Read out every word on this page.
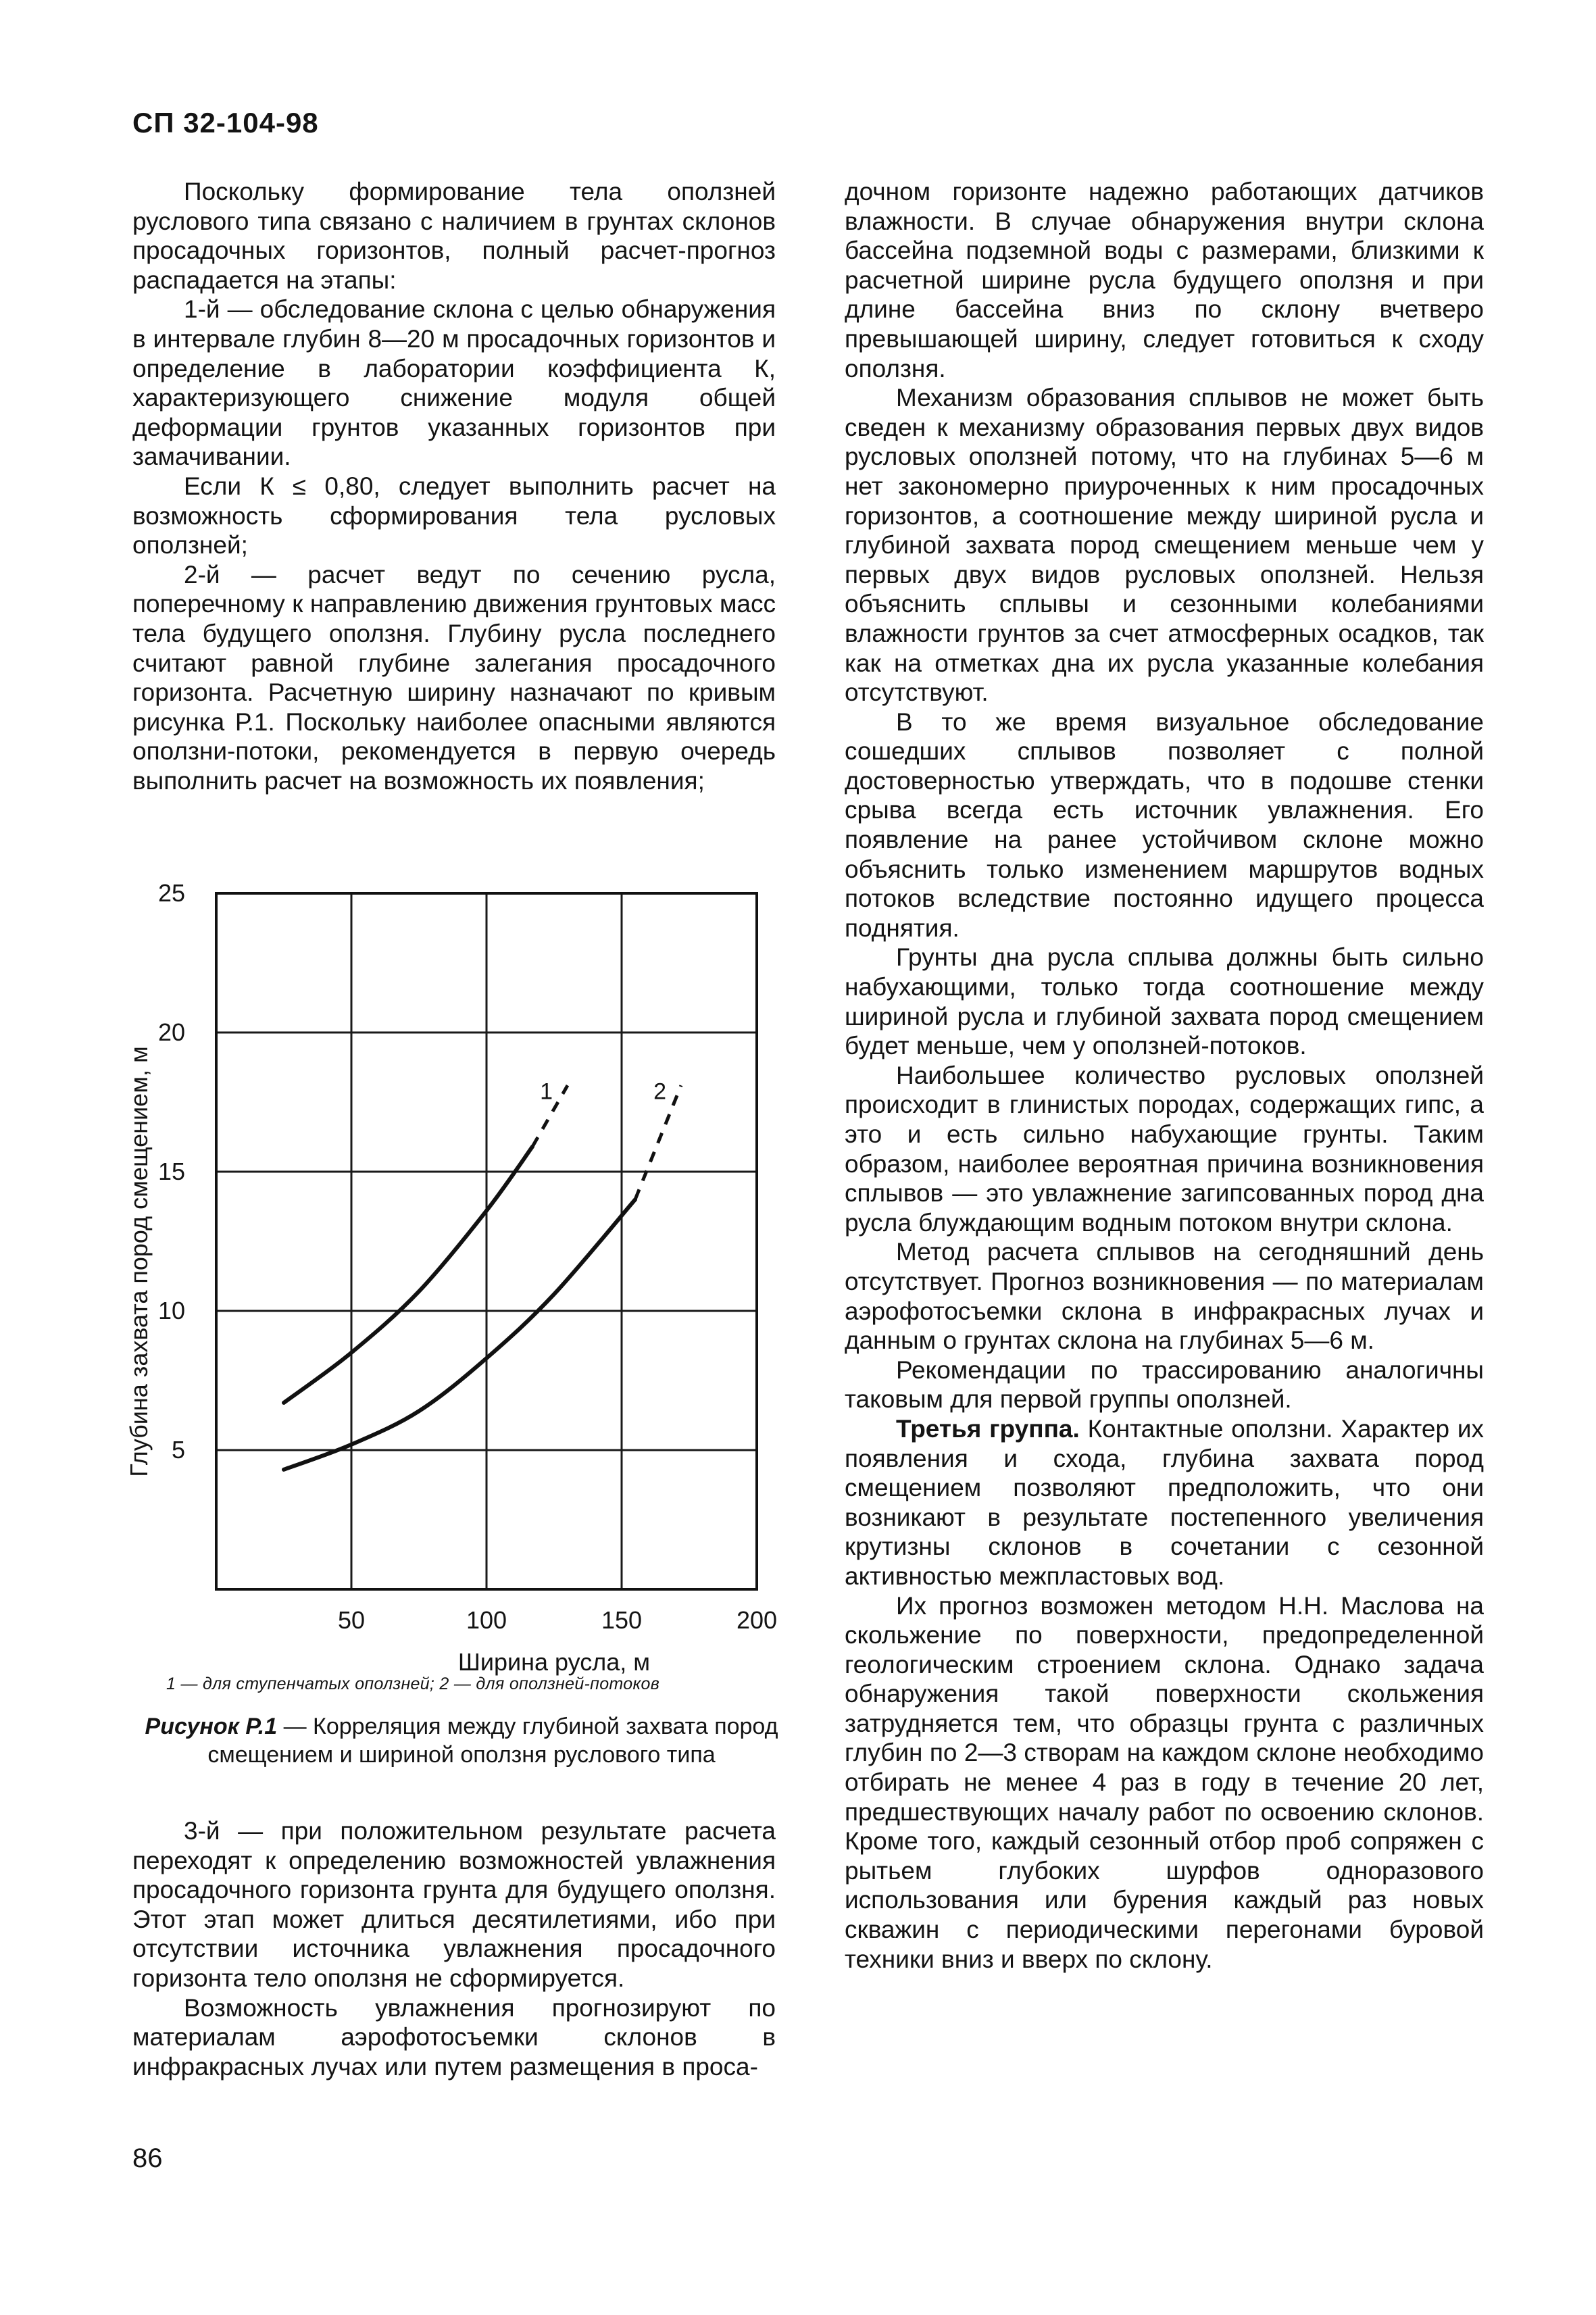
СП 32-104-98

Поскольку формирование тела оползней руслового типа связано с наличием в грунтах склонов просадочных горизонтов, полный расчет-прогноз распадается на этапы:

1-й — обследование склона с целью обнаружения в интервале глубин 8—20 м просадочных горизонтов и определение в лаборатории коэффициента К, характеризующего снижение модуля общей деформации грунтов указанных горизонтов при замачивании.

Если К ≤ 0,80, следует выполнить расчет на возможность сформирования тела русловых оползней;

2-й — расчет ведут по сечению русла, поперечному к направлению движения грунтовых масс тела будущего оползня. Глубину русла последнего считают равной глубине залегания просадочного горизонта. Расчетную ширину назначают по кривым рисунка Р.1. Поскольку наиболее опасными являются оползни-потоки, рекомендуется в первую очередь выполнить расчет на возможность их появления;

50	100	150	200
5
10
15
20
25
Ширина русла, м
Глубина захвата пород смещением, м	1	2
1 — для ступенчатых оползней; 2 — для оползней-потоков
Рисунок Р.1 — Корреляция между глубиной захвата пород смещением и шириной оползня руслового типа

3-й — при положительном результате расчета переходят к определению возможностей увлажнения просадочного горизонта грунта для будущего оползня. Этот этап может длиться десятилетиями, ибо при отсутствии источника увлажнения просадочного горизонта тело оползня не сформируется.

Возможность увлажнения прогнозируют по материалам аэрофотосъемки склонов в инфракрасных лучах или путем размещения в проса-

дочном горизонте надежно работающих датчиков влажности. В случае обнаружения внутри склона бассейна подземной воды с размерами, близкими к расчетной ширине русла будущего оползня и при длине бассейна вниз по склону вчетверо превышающей ширину, следует готовиться к сходу оползня.

Механизм образования сплывов не может быть сведен к механизму образования первых двух видов русловых оползней потому, что на глубинах 5—6 м нет закономерно приуроченных к ним просадочных горизонтов, а соотношение между шириной русла и глубиной захвата пород смещением меньше чем у первых двух видов русловых оползней. Нельзя объяснить сплывы и сезонными колебаниями влажности грунтов за счет атмосферных осадков, так как на отметках дна их русла указанные колебания отсутствуют.

В то же время визуальное обследование сошедших сплывов позволяет с полной достоверностью утверждать, что в подошве стенки срыва всегда есть источник увлажнения. Его появление на ранее устойчивом склоне можно объяснить только изменением маршрутов водных потоков вследствие постоянно идущего процесса поднятия.

Грунты дна русла сплыва должны быть сильно набухающими, только тогда соотношение между шириной русла и глубиной захвата пород смещением будет меньше, чем у оползней-потоков.

Наибольшее количество русловых оползней происходит в глинистых породах, содержащих гипс, а это и есть сильно набухающие грунты. Таким образом, наиболее вероятная причина возникновения сплывов — это увлажнение загипсованных пород дна русла блуждающим водным потоком внутри склона.

Метод расчета сплывов на сегодняшний день отсутствует. Прогноз возникновения — по материалам аэрофотосъемки склона в инфракрасных лучах и данным о грунтах склона на глубинах 5—6 м.

Рекомендации по трассированию аналогичны таковым для первой группы оползней.

Третья группа. Контактные оползни. Характер их появления и схода, глубина захвата пород смещением позволяют предположить, что они возникают в результате постепенного увеличения крутизны склонов в сочетании с сезонной активностью межпластовых вод.

Их прогноз возможен методом Н.Н. Маслова на скольжение по поверхности, предопределенной геологическим строением склона. Однако задача обнаружения такой поверхности скольжения затрудняется тем, что образцы грунта с различных глубин по 2—3 створам на каждом склоне необходимо отбирать не менее 4 раз в году в течение 20 лет, предшествующих началу работ по освоению склонов. Кроме того, каждый сезонный отбор проб сопряжен с рытьем глубоких шурфов одноразового использования или бурения каждый раз новых скважин с периодическими перегонами буровой техники вниз и вверх по склону.

86
